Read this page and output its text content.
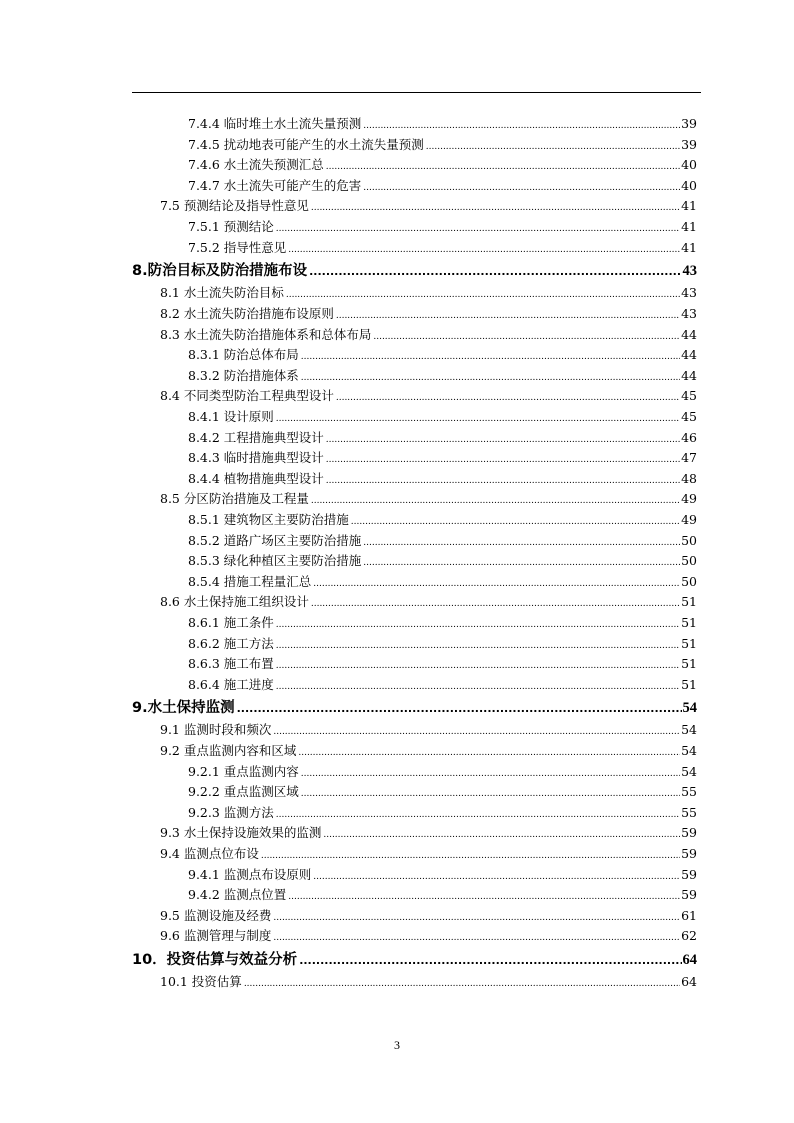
7.4.4 临时堆土水土流失量预测 .....	39
7.4.5 扰动地表可能产生的水土流失量预测 .....	39
7.4.6 水土流失预测汇总 .....	40
7.4.7 水土流失可能产生的危害 .....	40
7.5 预测结论及指导性意见 .....	41
7.5.1 预测结论 .....	41
7.5.2 指导性意见 .....	41
8.防治目标及防治措施布设 .....	43
8.1 水土流失防治目标 .....	43
8.2 水土流失防治措施布设原则 .....	43
8.3 水土流失防治措施体系和总体布局 .....	44
8.3.1 防治总体布局 .....	44
8.3.2 防治措施体系 .....	44
8.4 不同类型防治工程典型设计 .....	45
8.4.1 设计原则 .....	45
8.4.2 工程措施典型设计 .....	46
8.4.3 临时措施典型设计 .....	47
8.4.4 植物措施典型设计 .....	48
8.5 分区防治措施及工程量 .....	49
8.5.1 建筑物区主要防治措施 .....	49
8.5.2 道路广场区主要防治措施 .....	50
8.5.3 绿化种植区主要防治措施 .....	50
8.5.4 措施工程量汇总 .....	50
8.6 水土保持施工组织设计 .....	51
8.6.1 施工条件 .....	51
8.6.2 施工方法 .....	51
8.6.3 施工布置 .....	51
8.6.4 施工进度 .....	51
9.水土保持监测 .....	54
9.1 监测时段和频次 .....	54
9.2 重点监测内容和区域 .....	54
9.2.1 重点监测内容 .....	54
9.2.2 重点监测区域 .....	55
9.2.3 监测方法 .....	55
9.3 水土保持设施效果的监测 .....	59
9.4 监测点位布设 .....	59
9.4.1 监测点布设原则 .....	59
9.4.2 监测点位置 .....	59
9.5 监测设施及经费 .....	61
9.6 监测管理与制度 .....	62
10．投资估算与效益分析 .....	64
10.1 投资估算 .....	64
3
